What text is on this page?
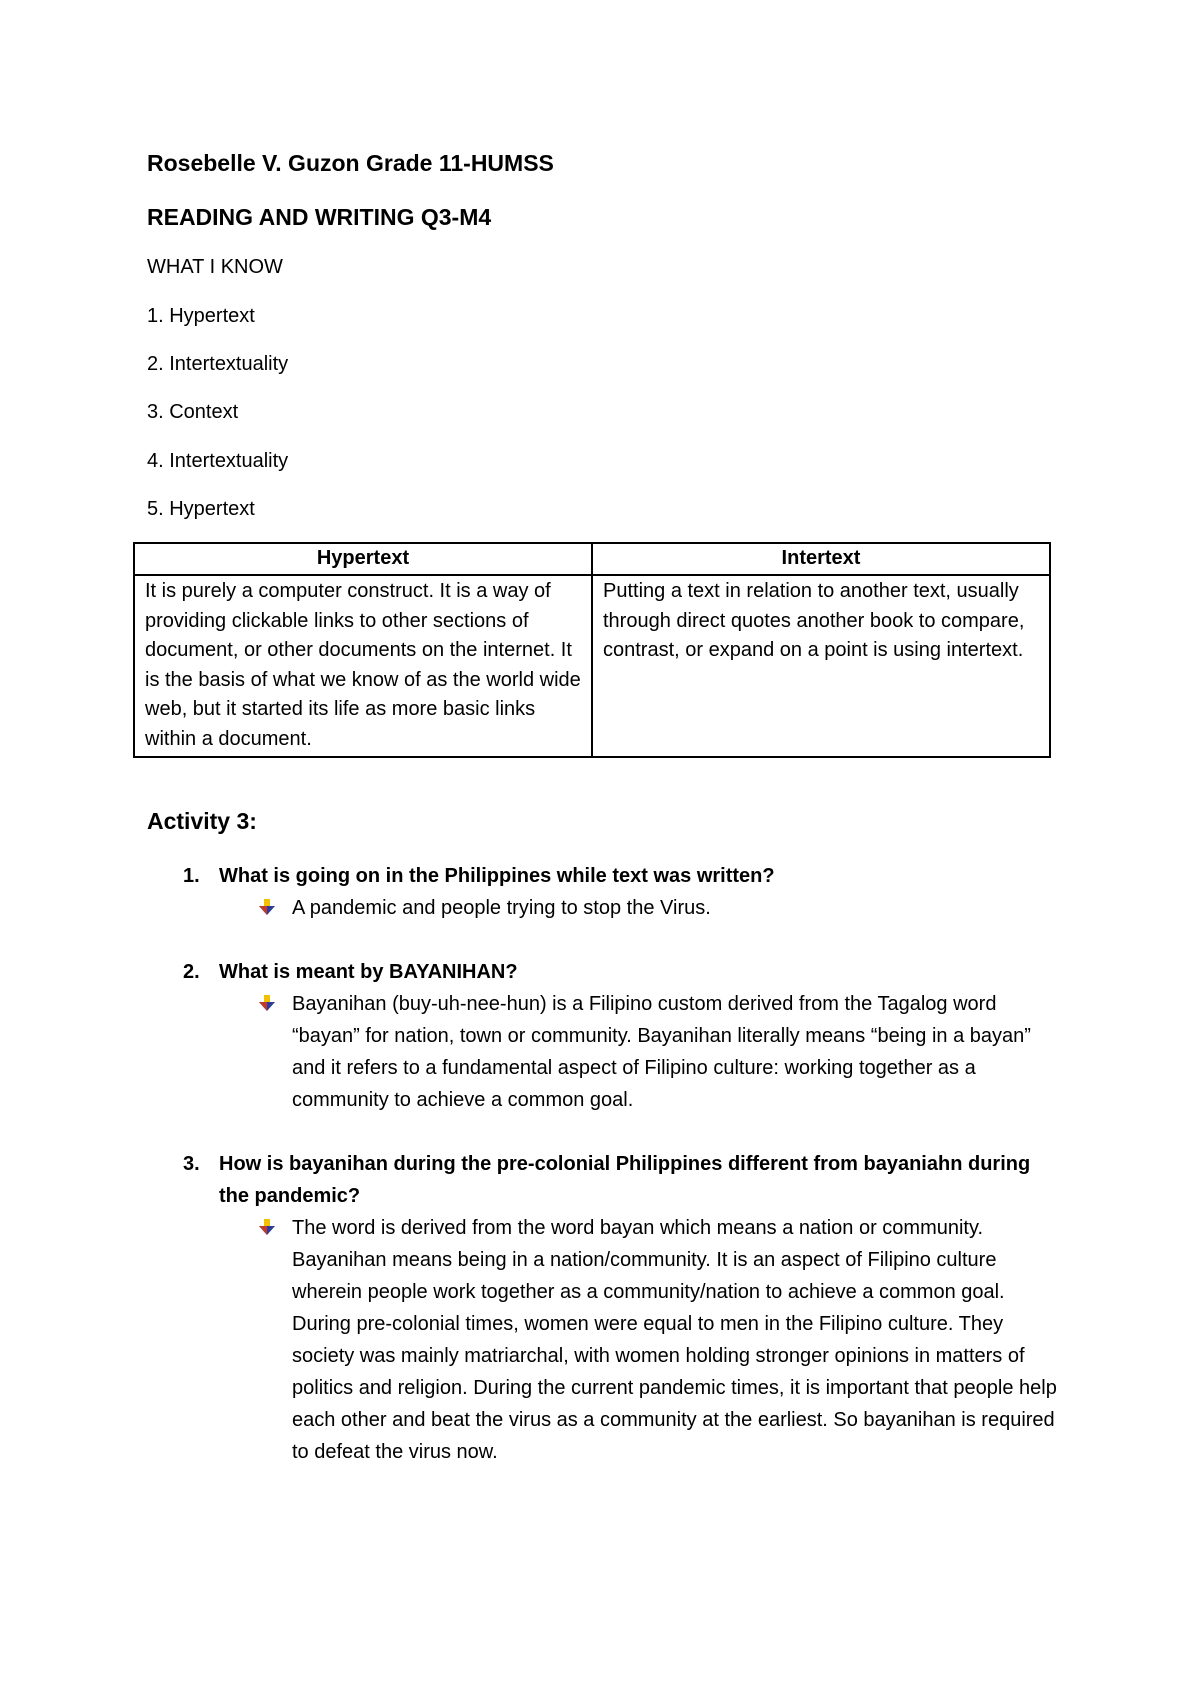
Rosebelle V. Guzon Grade 11-HUMSS
READING AND WRITING Q3-M4
WHAT I KNOW
1. Hypertext
2. Intertextuality
3. Context
4. Intertextuality
5. Hypertext
Hypertext	Intertext
It is purely a computer construct. It is a way of providing clickable links to other sections of document, or other documents on the internet. It is the basis of what we know of as the world wide web, but it started its life as more basic links within a document.	Putting a text in relation to another text, usually through direct quotes another book to compare, contrast, or expand on a point is using intertext.
Activity 3:
1. What is going on in the Philippines while text was written?
A pandemic and people trying to stop the Virus.
2. What is meant by BAYANIHAN?
Bayanihan (buy-uh-nee-hun) is a Filipino custom derived from the Tagalog word “bayan” for nation, town or community. Bayanihan literally means “being in a bayan” and it refers to a fundamental aspect of Filipino culture: working together as a community to achieve a common goal.
3. How is bayanihan during the pre-colonial Philippines different from bayaniahn during the pandemic?
The word is derived from the word bayan which means a nation or community. Bayanihan means being in a nation/community. It is an aspect of Filipino culture wherein people work together as a community/nation to achieve a common goal. During pre-colonial times, women were equal to men in the Filipino culture. They society was mainly matriarchal, with women holding stronger opinions in matters of politics and religion. During the current pandemic times, it is important that people help each other and beat the virus as a community at the earliest. So bayanihan is required to defeat the virus now.
